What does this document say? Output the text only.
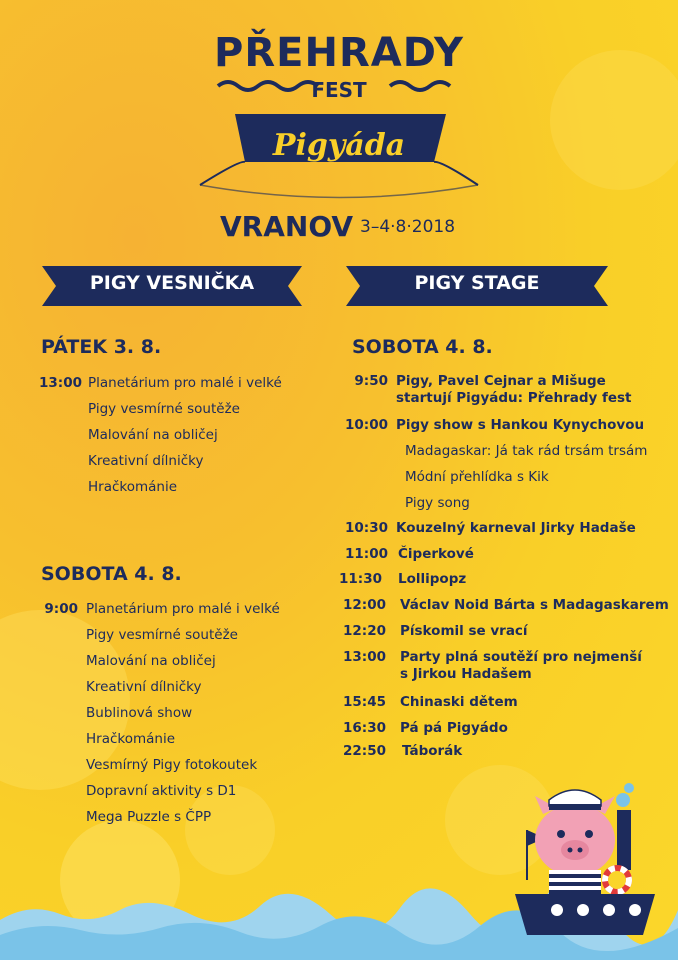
PŘEHRADY
FEST
Pigyáda
VRANOV 3–4·8·2018
PIGY VESNIČKA	PIGY STAGE
PÁTEK 3. 8.
13:00 Planetárium pro malé i velké
Pigy vesmírné soutěže
Malování na obličej
Kreativní dílničky
Hračkománie
SOBOTA 4. 8.
9:00 Planetárium pro malé i velké
Pigy vesmírné soutěže
Malování na obličej
Kreativní dílničky
Bublinová show
Hračkománie
Vesmírný Pigy fotokoutek
Dopravní aktivity s D1
Mega Puzzle s ČPP
SOBOTA 4. 8.
9:50 Pigy, Pavel Cejnar a Mišuge
startují Pigyádu: Přehrady fest
10:00 Pigy show s Hankou Kynychovou
Madagaskar: Já tak rád trsám trsám
Módní přehlídka s Kik
Pigy song
10:30 Kouzelný karneval Jirky Hadaše
11:00 Čiperkové
11:30 Lollipopz
12:00 Václav Noid Bárta s Madagaskarem
12:20 Pískomil se vrací
13:00 Party plná soutěží pro nejmenší
s Jirkou Hadašem
15:45 Chinaski dětem
16:30 Pá pá Pigyádo
22:50 Táborák
